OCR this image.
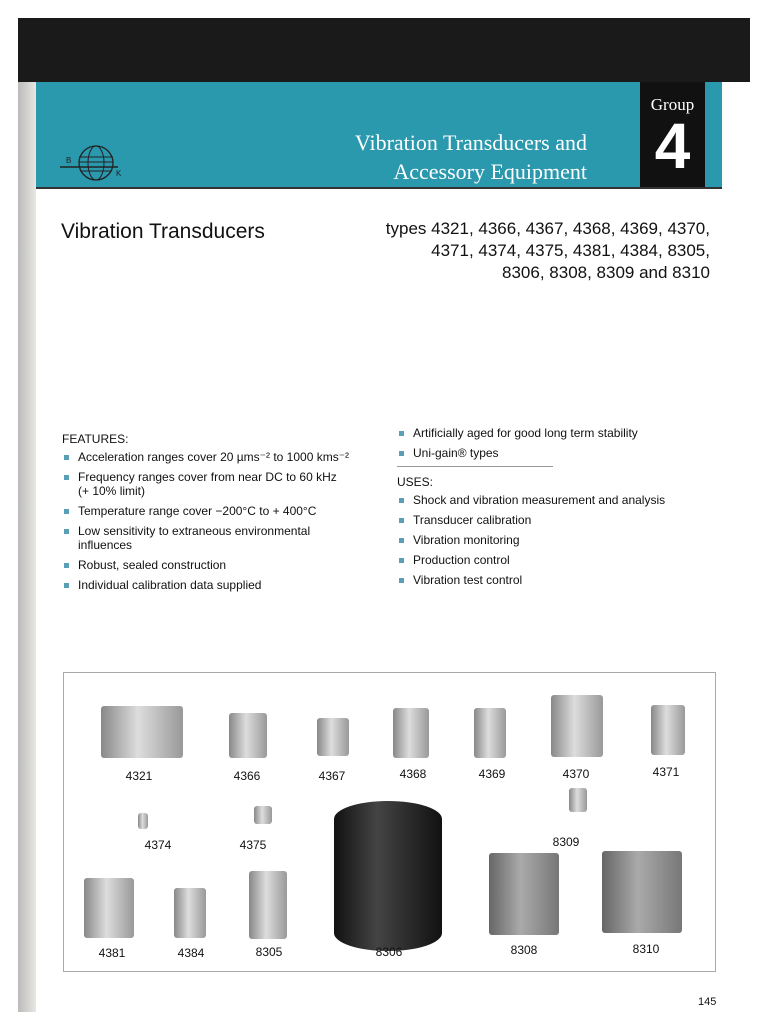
Vibration Transducers and
Accessory Equipment
B
K
Group
4
Vibration Transducers	types 4321, 4366, 4367, 4368, 4369, 4370,
4371, 4374, 4375, 4381, 4384, 8305,
8306, 8308, 8309 and 8310
FEATURES:
Acceleration ranges cover 20 µms⁻² to 1000 kms⁻²
Frequency ranges cover from near DC to 60 kHz (+ 10% limit)
Temperature range cover −200°C to + 400°C
Low sensitivity to extraneous environmental influences
Robust, sealed construction
Individual calibration data supplied
Artificially aged for good long term stability
Uni-gain® types
USES:
Shock and vibration measurement and analysis
Transducer calibration
Vibration monitoring
Production control
Vibration test control
4321	4366	4367	4368	4369	4370	4371
4374	4375	8309
4381	4384	8305	8306	8308	8310
145
